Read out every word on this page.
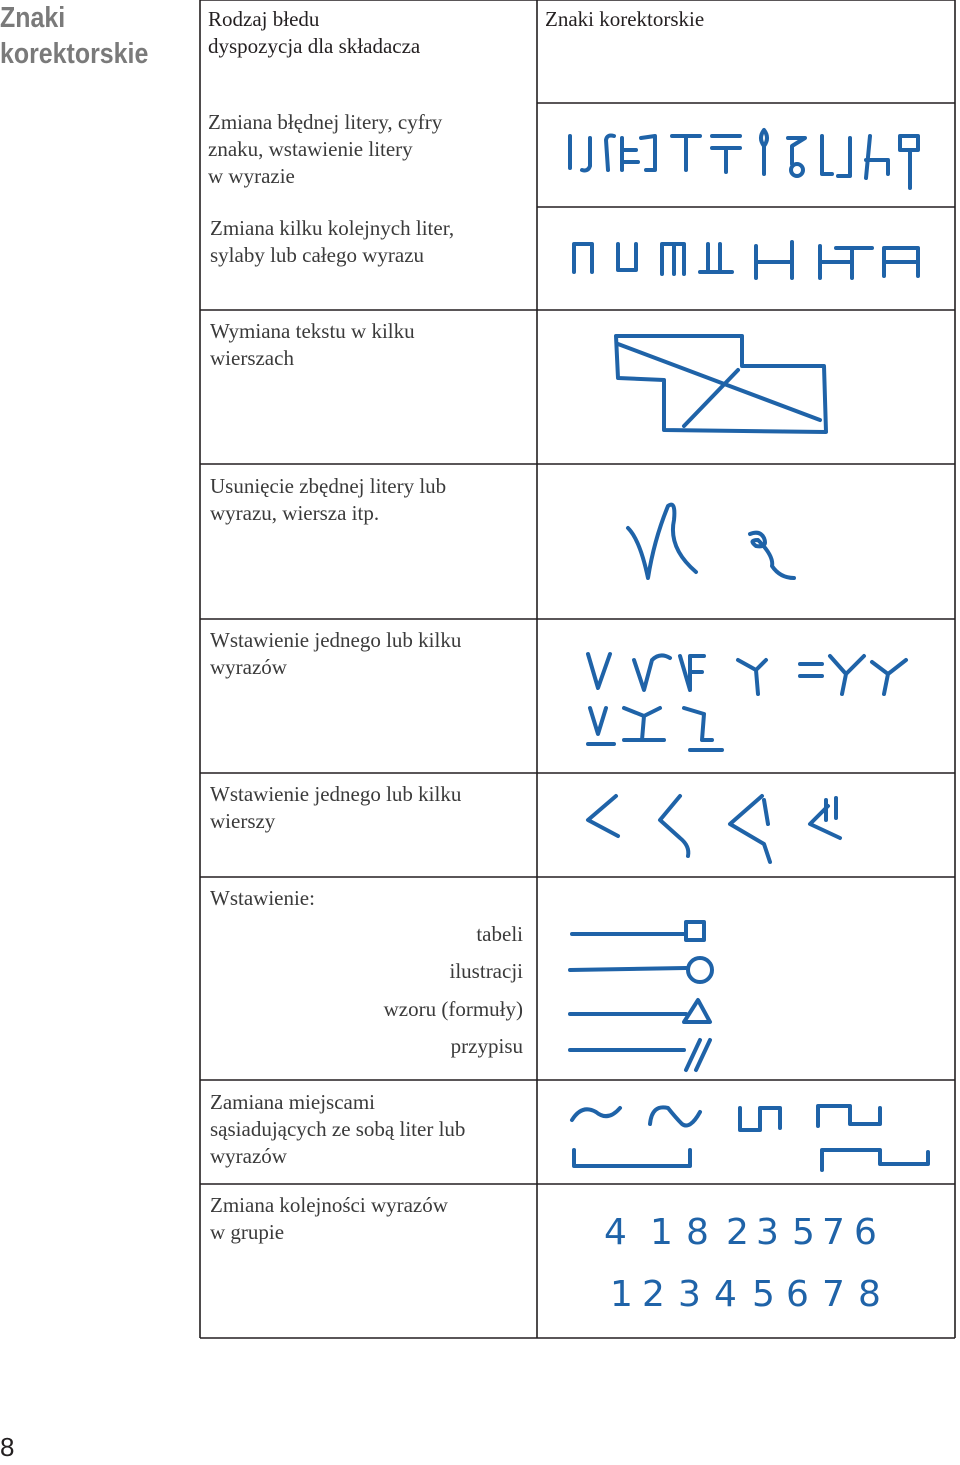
Znaki
korektorskie
Rodzaj błedu
dyspozycja dla składacza
Znaki korektorskie
Zmiana błędnej litery, cyfry
znaku, wstawienie litery
w wyrazie
Zmiana kilku kolejnych liter,
sylaby lub całego wyrazu
Wymiana tekstu w kilku
wierszach
Usunięcie zbędnej litery lub
wyrazu, wiersza itp.
Wstawienie jednego lub kilku
wyrazów
Wstawienie jednego lub kilku
wierszy
Wstawienie:
tabeli
ilustracji
wzoru (formuły)
przypisu
Zamiana miejscami
sąsiadujących ze sobą liter lub
wyrazów
Zmiana kolejności wyrazów
w grupie	4 1 8 2 3 5 7 6
1 2 3 4 5 6 7 8
8
